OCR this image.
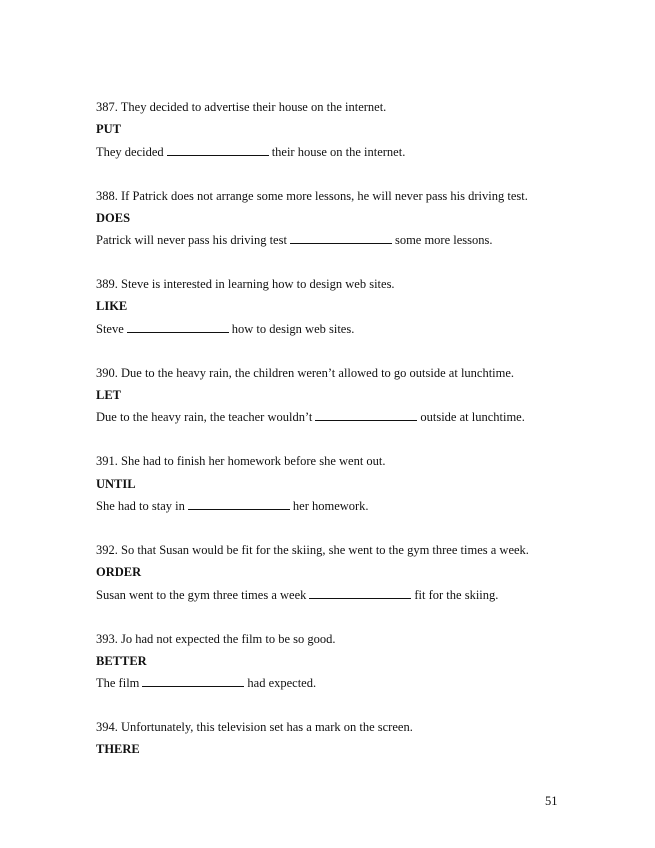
387. They decided to advertise their house on the internet.
PUT
They decided	their house on the internet.
388. If Patrick does not arrange some more lessons, he will never pass his driving test.
DOES
Patrick will never pass his driving test	some more lessons.
389. Steve is interested in learning how to design web sites.
LIKE
Steve	how to design web sites.
390. Due to the heavy rain, the children weren’t allowed to go outside at lunchtime.
LET
Due to the heavy rain, the teacher wouldn’t	outside at lunchtime.
391. She had to finish her homework before she went out.
UNTIL
She had to stay in	her homework.
392. So that Susan would be fit for the skiing, she went to the gym three times a week.
ORDER
Susan went to the gym three times a week	fit for the skiing.
393. Jo had not expected the film to be so good.
BETTER
The film	had expected.
394. Unfortunately, this television set has a mark on the screen.
THERE
51
